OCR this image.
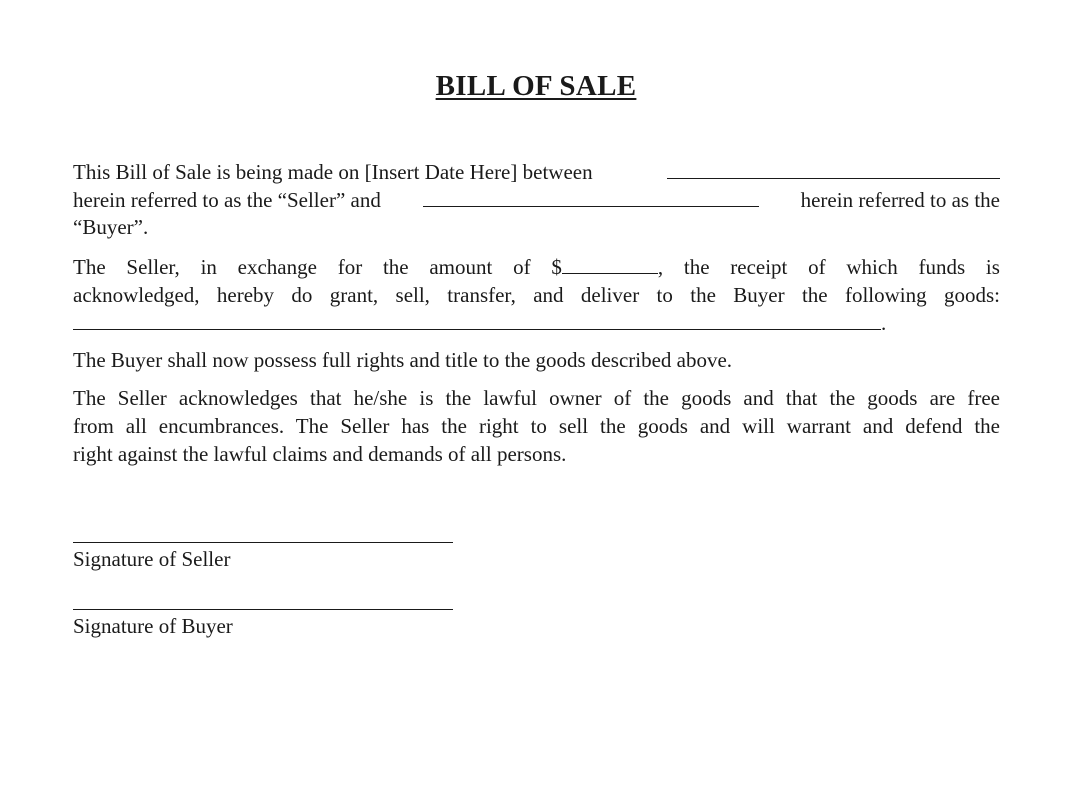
BILL OF SALE
This Bill of Sale is being made on [Insert Date Here] between
herein referred to as the “Seller” and	herein referred to as the
“Buyer”.
The Seller, in exchange for the amount of $	, the receipt of which funds is
acknowledged, hereby do grant, sell, transfer, and deliver to the Buyer the following goods:
.
The Buyer shall now possess full rights and title to the goods described above.
The Seller acknowledges that he/she is the lawful owner of the goods and that the goods are free
from all encumbrances. The Seller has the right to sell the goods and will warrant and defend the
right against the lawful claims and demands of all persons.
Signature of Seller
Signature of Buyer
